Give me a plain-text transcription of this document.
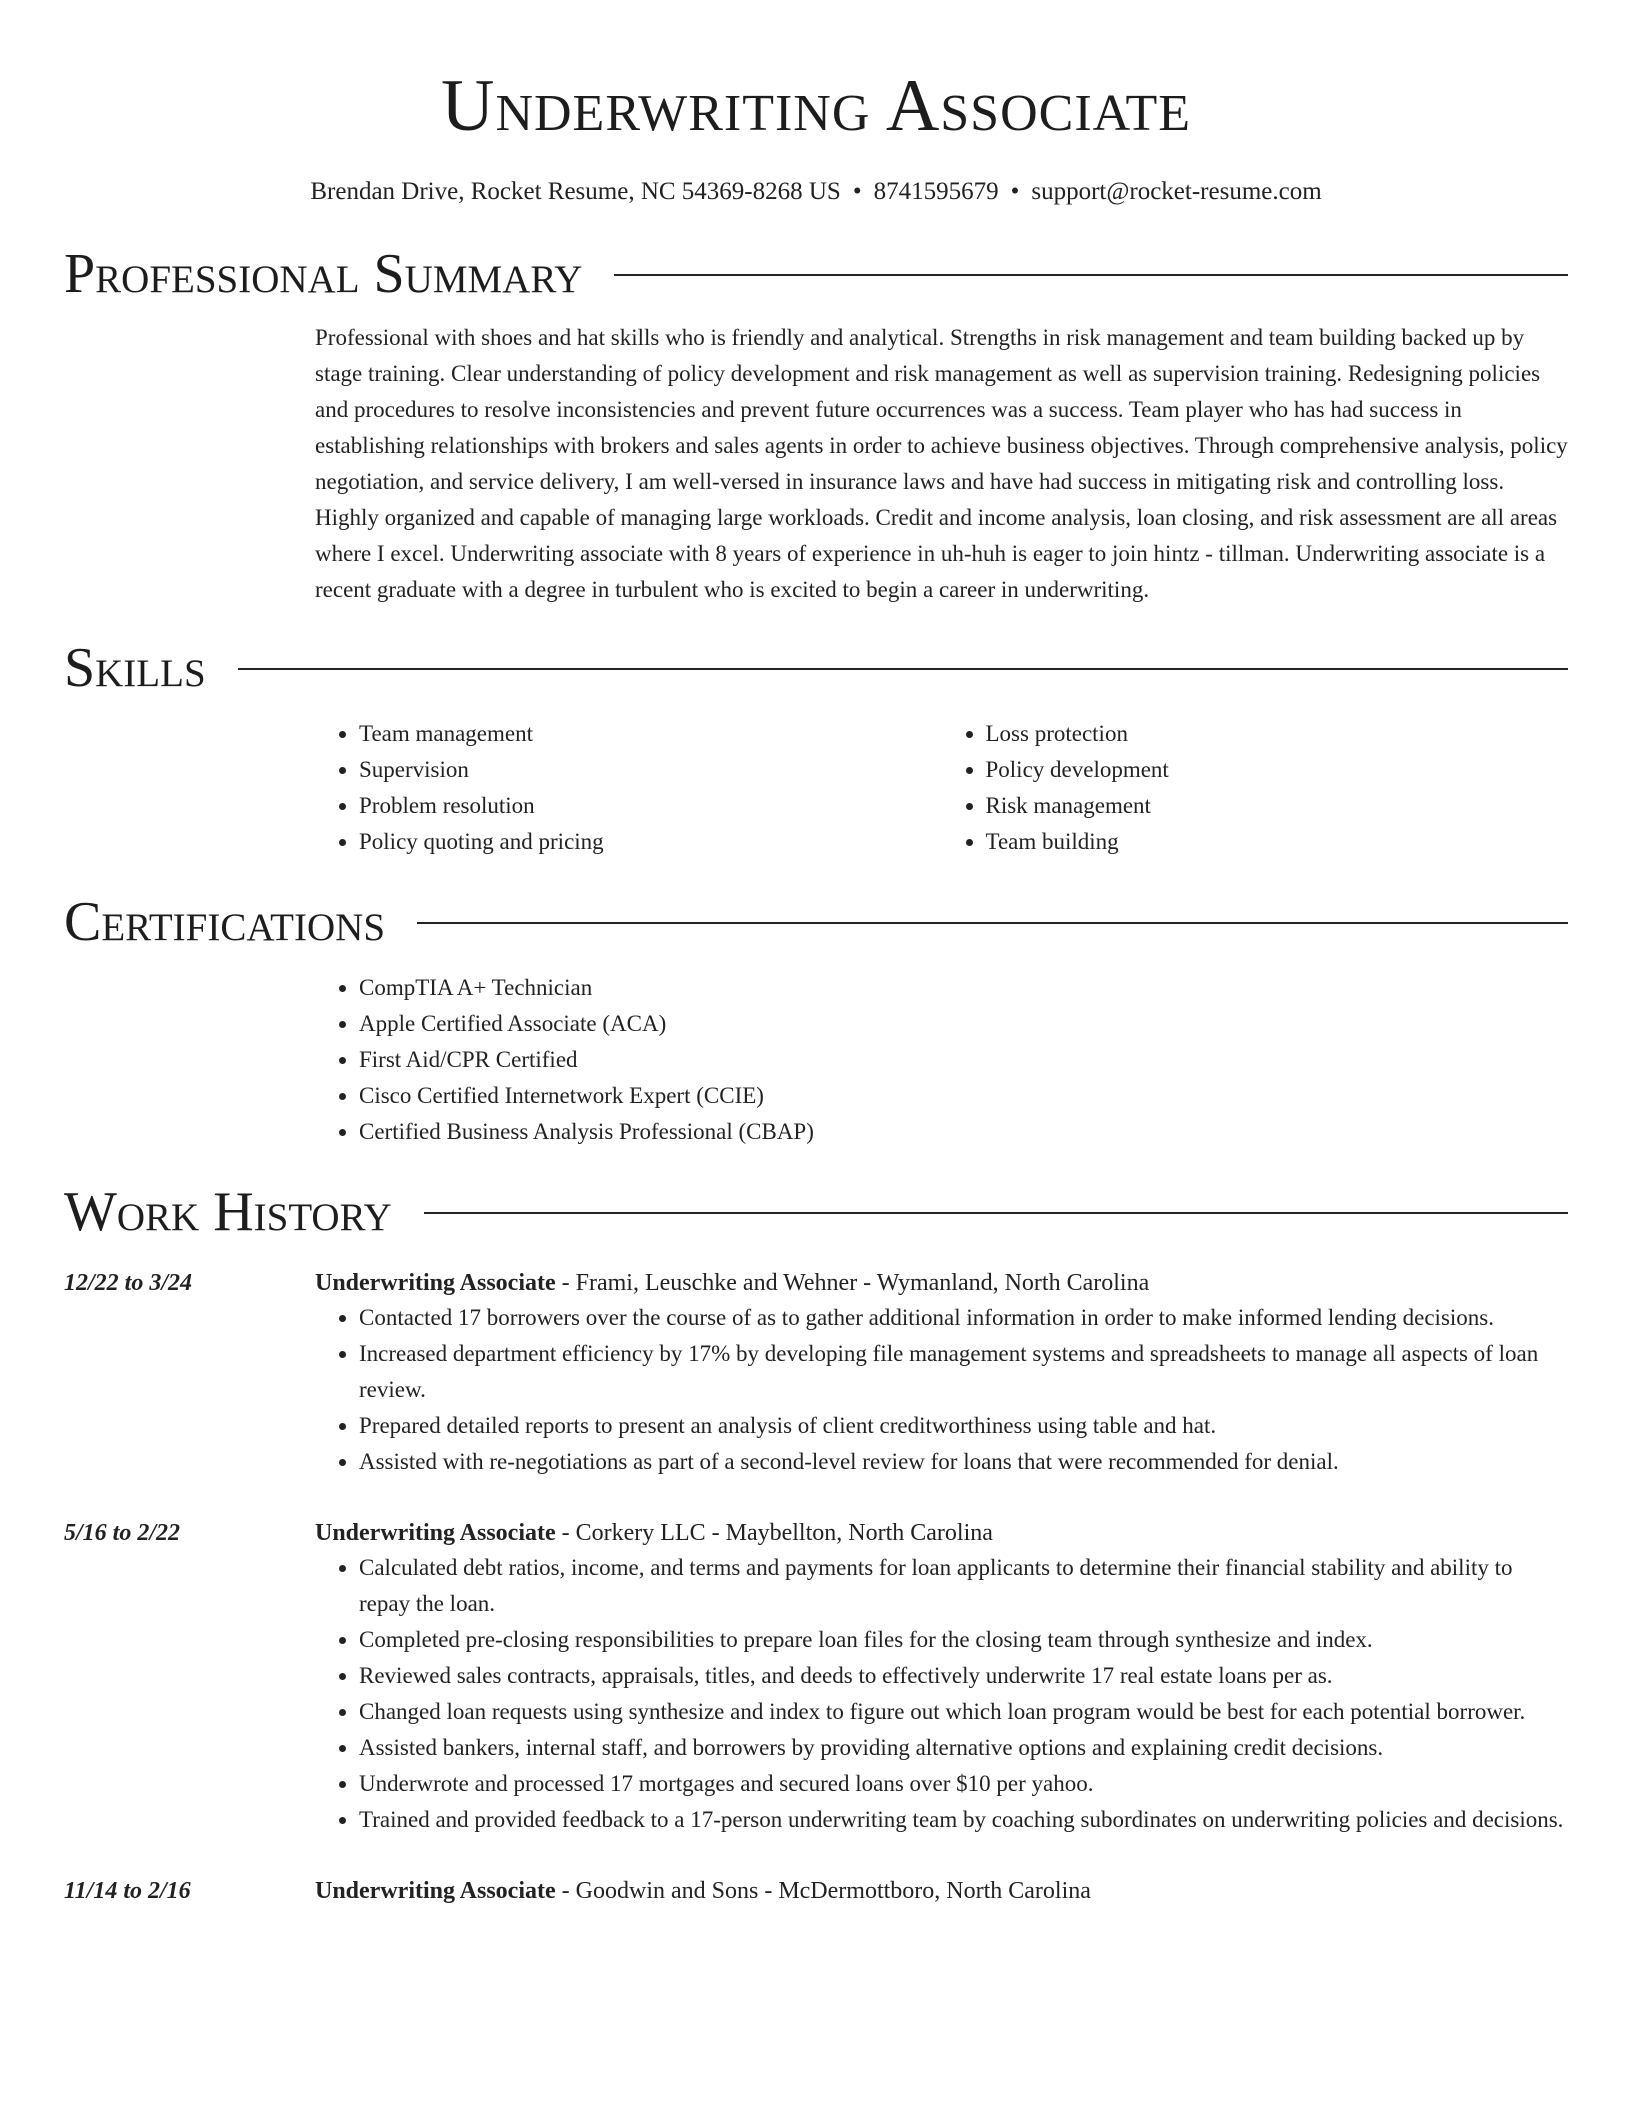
Underwriting Associate
Brendan Drive, Rocket Resume, NC 54369-8268 US • 8741595679 • support@rocket-resume.com
Professional Summary

Professional with shoes and hat skills who is friendly and analytical. Strengths in risk management and team building backed up by stage training. Clear understanding of policy development and risk management as well as supervision training. Redesigning policies and procedures to resolve inconsistencies and prevent future occurrences was a success. Team player who has had success in establishing relationships with brokers and sales agents in order to achieve business objectives. Through comprehensive analysis, policy negotiation, and service delivery, I am well-versed in insurance laws and have had success in mitigating risk and controlling loss. Highly organized and capable of managing large workloads. Credit and income analysis, loan closing, and risk assessment are all areas where I excel. Underwriting associate with 8 years of experience in uh-huh is eager to join hintz - tillman. Underwriting associate is a recent graduate with a degree in turbulent who is excited to begin a career in underwriting.

Skills
• Team management
• Supervision
• Problem resolution
• Policy quoting and pricing
• Loss protection
• Policy development
• Risk management
• Team building
Certifications
• CompTIA A+ Technician
• Apple Certified Associate (ACA)
• First Aid/CPR Certified
• Cisco Certified Internetwork Expert (CCIE)
• Certified Business Analysis Professional (CBAP)
Work History
12/22 to 3/24	Underwriting Associate - Frami, Leuschke and Wehner - Wymanland, North Carolina
• Contacted 17 borrowers over the course of as to gather additional information in order to make informed lending decisions.
• Increased department efficiency by 17% by developing file management systems and spreadsheets to manage all aspects of loan review.
• Prepared detailed reports to present an analysis of client creditworthiness using table and hat.
• Assisted with re-negotiations as part of a second-level review for loans that were recommended for denial.
5/16 to 2/22	Underwriting Associate - Corkery LLC - Maybellton, North Carolina
• Calculated debt ratios, income, and terms and payments for loan applicants to determine their financial stability and ability to repay the loan.
• Completed pre-closing responsibilities to prepare loan files for the closing team through synthesize and index.
• Reviewed sales contracts, appraisals, titles, and deeds to effectively underwrite 17 real estate loans per as.
• Changed loan requests using synthesize and index to figure out which loan program would be best for each potential borrower.
• Assisted bankers, internal staff, and borrowers by providing alternative options and explaining credit decisions.
• Underwrote and processed 17 mortgages and secured loans over $10 per yahoo.
• Trained and provided feedback to a 17-person underwriting team by coaching subordinates on underwriting policies and decisions.
11/14 to 2/16	Underwriting Associate - Goodwin and Sons - McDermottboro, North Carolina
